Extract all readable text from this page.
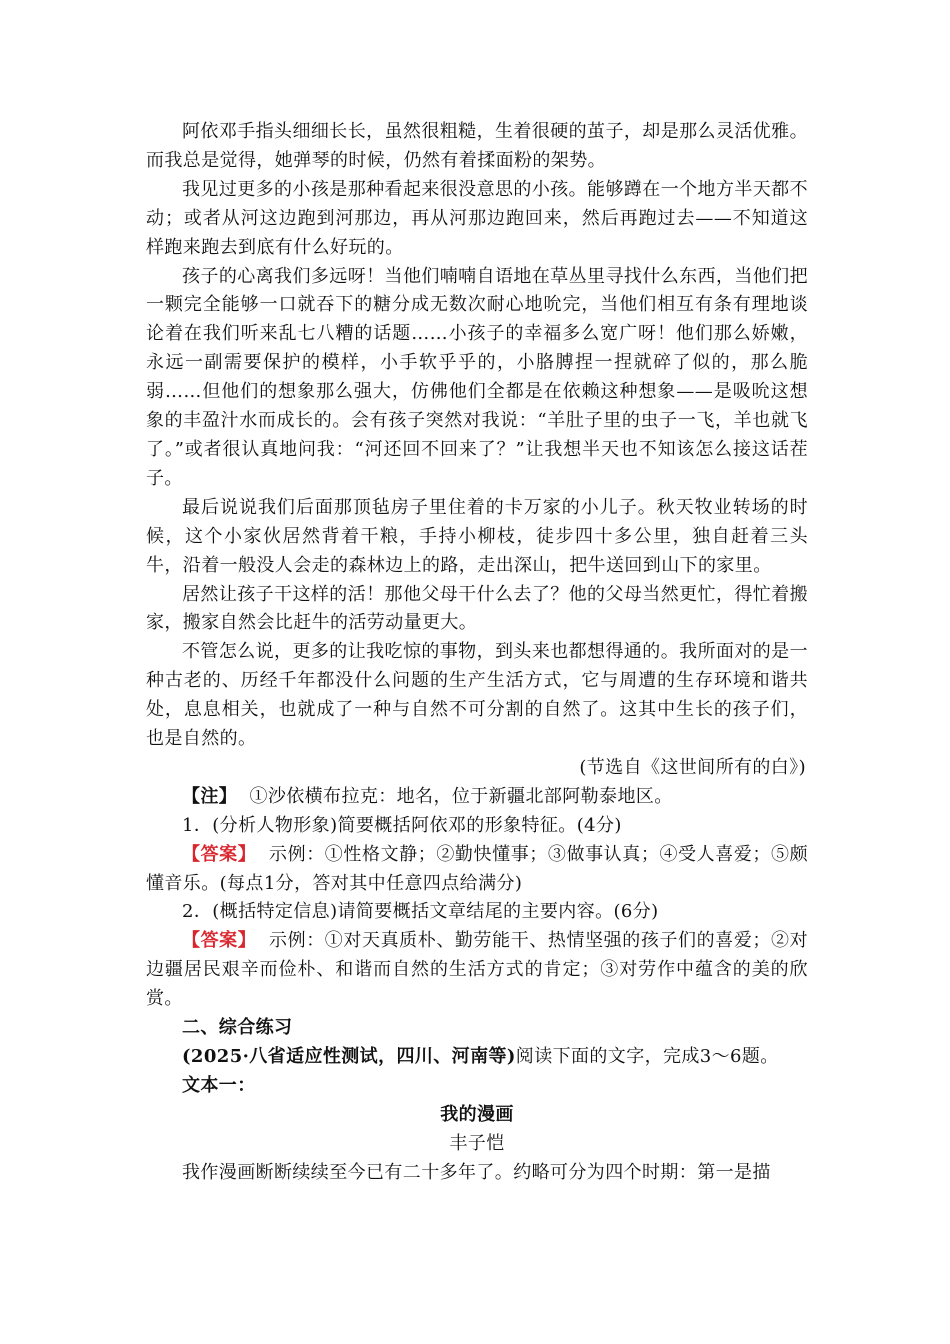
阿依邓手指头细细长长，虽然很粗糙，生着很硬的茧子，却是那么灵活优雅。而我总是觉得，她弹琴的时候，仍然有着揉面粉的架势。

我见过更多的小孩是那种看起来很没意思的小孩。能够蹲在一个地方半天都不动；或者从河这边跑到河那边，再从河那边跑回来，然后再跑过去——不知道这样跑来跑去到底有什么好玩的。

孩子的心离我们多远呀！当他们喃喃自语地在草丛里寻找什么东西，当他们把一颗完全能够一口就吞下的糖分成无数次耐心地吮完，当他们相互有条有理地谈论着在我们听来乱七八糟的话题……小孩子的幸福多么宽广呀！他们那么娇嫩，永远一副需要保护的模样，小手软乎乎的，小胳膊捏一捏就碎了似的，那么脆弱……但他们的想象那么强大，仿佛他们全都是在依赖这种想象——是吸吮这想象的丰盈汁水而成长的。会有孩子突然对我说：“羊肚子里的虫子一飞，羊也就飞了。”或者很认真地问我：“河还回不回来了？”让我想半天也不知该怎么接这话茬子。

最后说说我们后面那顶毡房子里住着的卡万家的小儿子。秋天牧业转场的时候，这个小家伙居然背着干粮，手持小柳枝，徒步四十多公里，独自赶着三头牛，沿着一般没人会走的森林边上的路，走出深山，把牛送回到山下的家里。

居然让孩子干这样的活！那他父母干什么去了？他的父母当然更忙，得忙着搬家，搬家自然会比赶牛的活劳动量更大。

不管怎么说，更多的让我吃惊的事物，到头来也都想得通的。我所面对的是一种古老的、历经千年都没什么问题的生产生活方式，它与周遭的生存环境和谐共处，息息相关，也就成了一种与自然不可分割的自然了。这其中生长的孩子们，也是自然的。

(节选自《这世间所有的白》)

【注】 ①沙依横布拉克：地名，位于新疆北部阿勒泰地区。

1．(分析人物形象)简要概括阿依邓的形象特征。(4分)

【答案】 示例：①性格文静；②勤快懂事；③做事认真；④受人喜爱；⑤颇懂音乐。(每点1分，答对其中任意四点给满分)

2．(概括特定信息)请简要概括文章结尾的主要内容。(6分)

【答案】 示例：①对天真质朴、勤劳能干、热情坚强的孩子们的喜爱；②对边疆居民艰辛而俭朴、和谐而自然的生活方式的肯定；③对劳作中蕴含的美的欣赏。

二、综合练习

(2025·八省适应性测试，四川、河南等)阅读下面的文字，完成3～6题。

文本一：

我的漫画

丰子恺

我作漫画断断续续至今已有二十多年了。约略可分为四个时期：第一是描
